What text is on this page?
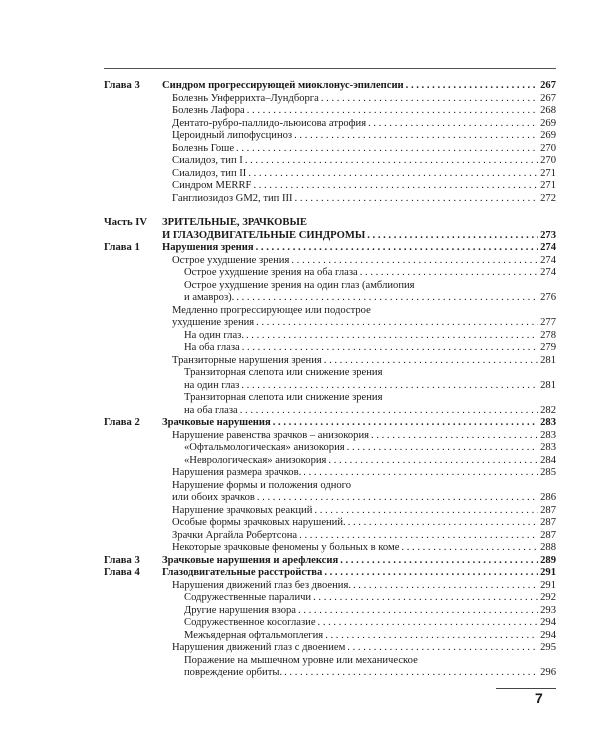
Глава 3	Синдром прогрессирующей миоклонус-эпилепсии . . .	267
Болезнь Унферрихта–Лундборга . . .	267
Болезнь Лафора . . .	268
Дентато-рубро-паллидо-льюисова атрофия . . .	269
Цероидный липофусциноз . . .	269
Болезнь Гоше . . .	270
Сиалидоз, тип I . . .	270
Сиалидоз, тип II . . .	271
Синдром MERRF . . .	271
Ганглиозидоз GM2, тип III . . .	272
Часть IV	ЗРИТЕЛЬНЫЕ, ЗРАЧКОВЫЕ
И ГЛАЗОДВИГАТЕЛЬНЫЕ СИНДРОМЫ . . .	273
Глава 1	Нарушения зрения . . .	274
Острое ухудшение зрения . . .	274
Острое ухудшение зрения на оба глаза . . .	274
Острое ухудшение зрения на один глаз (амблиопия
и амавроз). . . .	276
Медленно прогрессирующее или подострое
ухудшение зрения . . .	277
На один глаз. . . .	278
На оба глаза . . .	279
Транзиторные нарушения зрения . . .	281
Транзиторная слепота или снижение зрения
на один глаз . . .	281
Транзиторная слепота или снижение зрения
на оба глаза . . .	282
Глава 2	Зрачковые нарушения . . .	283
Нарушение равенства зрачков – анизокория . . .	283
«Офтальмологическая» анизокория . . .	283
«Неврологическая» анизокория . . .	284
Нарушения размера зрачков. . . .	285
Нарушение формы и положения одного
или обоих зрачков . . .	286
Нарушение зрачковых реакций . . .	287
Особые формы зрачковых нарушений. . . .	287
Зрачки Аргайла Робертсона . . .	287
Некоторые зрачковые феномены у больных в коме . . .	288
Глава 3	Зрачковые нарушения и арефлексия . . .	289
Глава 4	Глазодвигательные расстройства . . .	291
Нарушения движений глаз без двоения. . . .	291
Содружественные параличи . . .	292
Другие нарушения взора . . .	293
Содружественное косоглазие . . .	294
Межъядерная офтальмоплегия . . .	294
Нарушения движений глаз с двоением . . .	295
Поражение на мышечном уровне или механическое
повреждение орбиты. . . .	296
7
